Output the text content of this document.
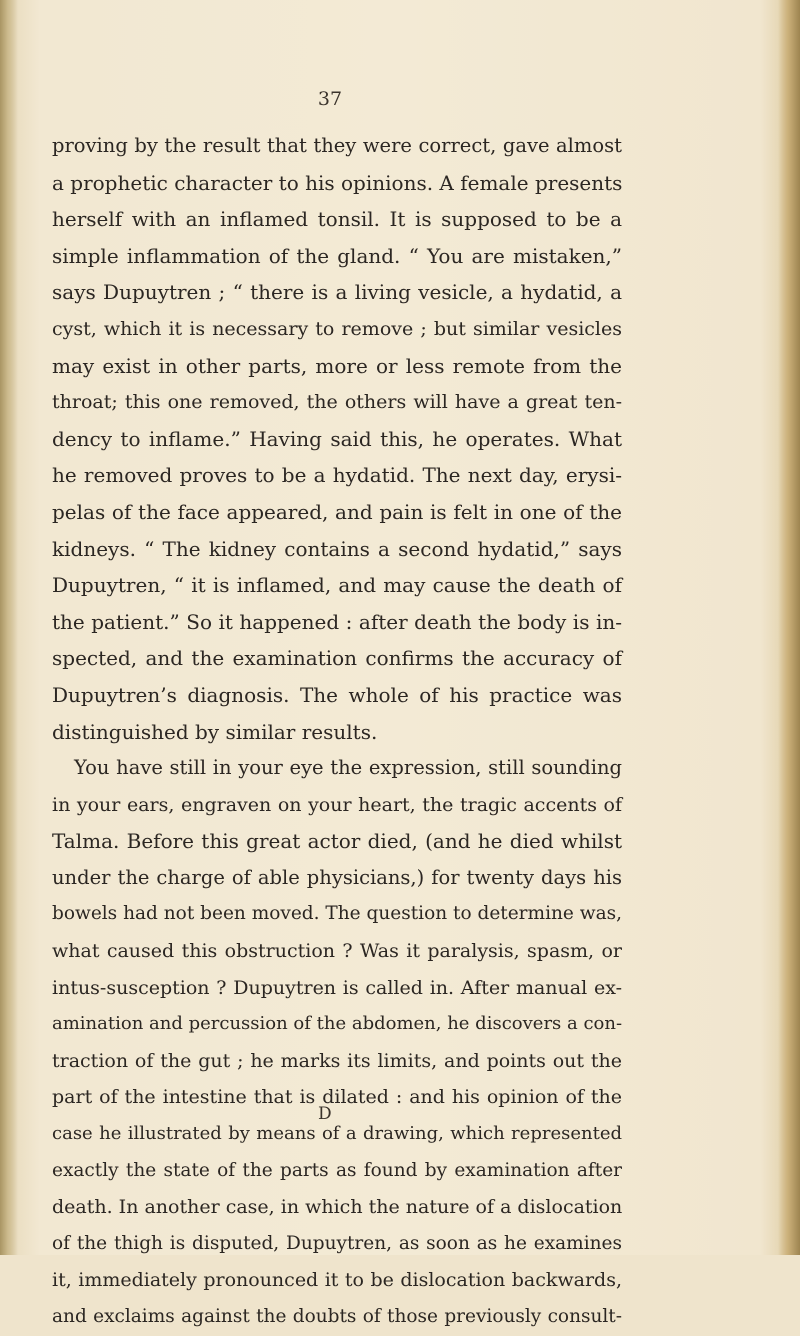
37

proving by the result that they were correct, gave almost
a prophetic character to his opinions. A female presents
herself with an inflamed tonsil. It is supposed to be a
simple inflammation of the gland. “ You are mistaken,”
says Dupuytren ; “ there is a living vesicle, a hydatid, a
cyst, which it is necessary to remove ; but similar vesicles
may exist in other parts, more or less remote from the
throat; this one removed, the others will have a great ten-
dency to inflame.” Having said this, he operates. What
he removed proves to be a hydatid. The next day, erysi-
pelas of the face appeared, and pain is felt in one of the
kidneys. “ The kidney contains a second hydatid,” says
Dupuytren, “ it is inflamed, and may cause the death of
the patient.” So it happened : after death the body is in-
spected, and the examination confirms the accuracy of
Dupuytren’s diagnosis. The whole of his practice was
distinguished by similar results.
You have still in your eye the expression, still sounding
in your ears, engraven on your heart, the tragic accents of
Talma. Before this great actor died, (and he died whilst
under the charge of able physicians,) for twenty days his
bowels had not been moved. The question to determine was,
what caused this obstruction ? Was it paralysis, spasm, or
intus-susception ? Dupuytren is called in. After manual ex-
amination and percussion of the abdomen, he discovers a con-
traction of the gut ; he marks its limits, and points out the
part of the intestine that is dilated : and his opinion of the
case he illustrated by means of a drawing, which represented
exactly the state of the parts as found by examination after
death. In another case, in which the nature of a dislocation
of the thigh is disputed, Dupuytren, as soon as he examines
it, immediately pronounced it to be dislocation backwards,
and exclaims against the doubts of those previously consult-

D
